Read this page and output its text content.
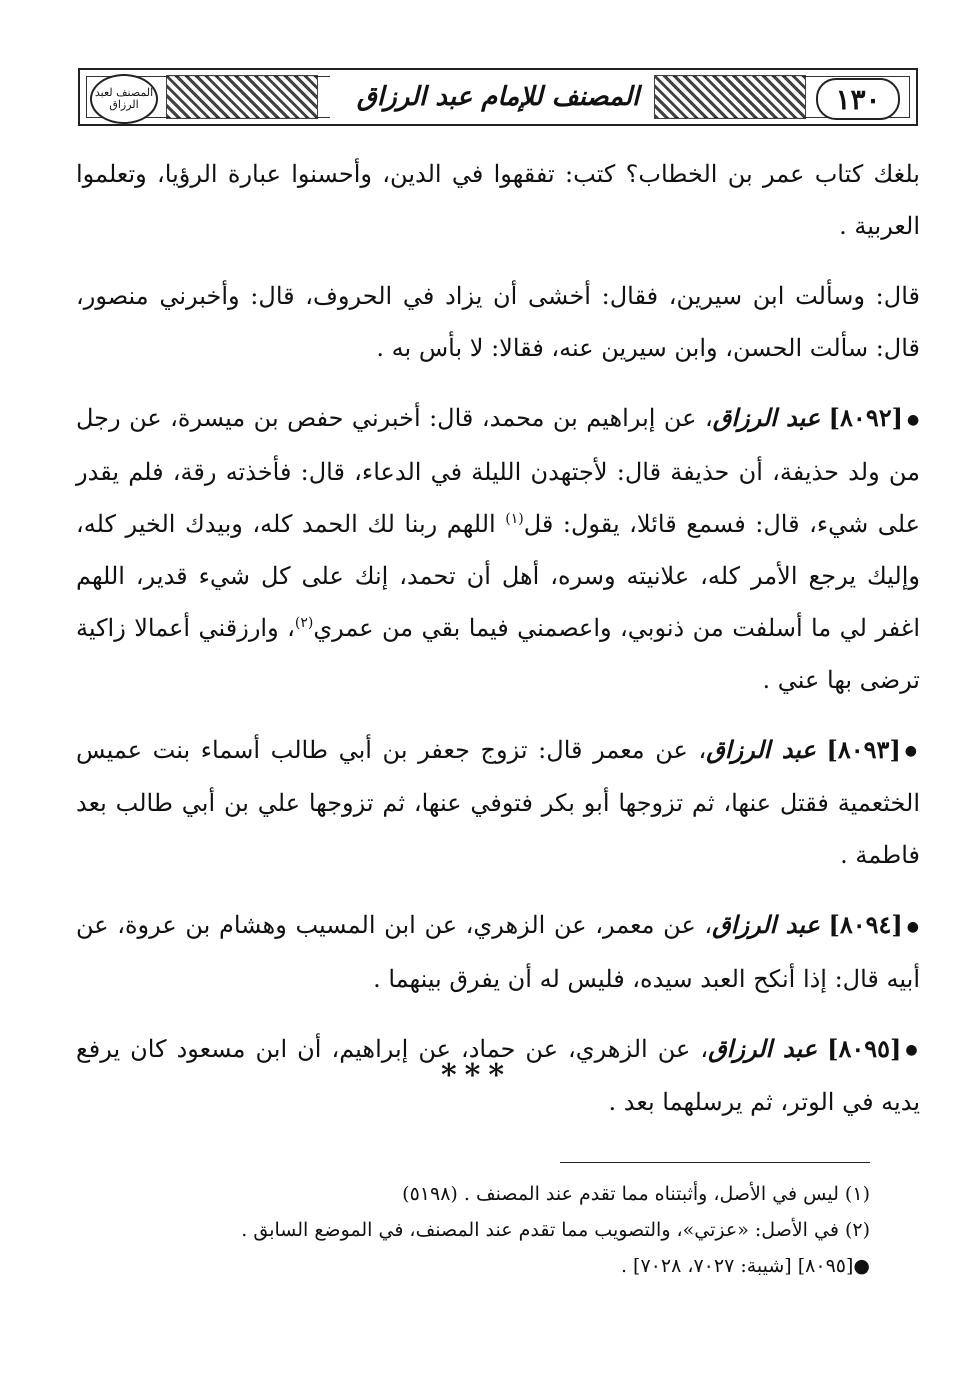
المصنف لعبد الرزاق	المصنف للإمام عبد الرزاق	١٣٠

بلغك كتاب عمر بن الخطاب؟ كتب: تفقهوا في الدين، وأحسنوا عبارة الرؤيا، وتعلموا العربية .

قال: وسألت ابن سيرين، فقال: أخشى أن يزاد في الحروف، قال: وأخبرني منصور، قال: سألت الحسن، وابن سيرين عنه، فقالا: لا بأس به .

●[٨٠٩٢] عبد الرزاق، عن إبراهيم بن محمد، قال: أخبرني حفص بن ميسرة، عن رجل من ولد حذيفة، أن حذيفة قال: لأجتهدن الليلة في الدعاء، قال: فأخذته رقة، فلم يقدر على شيء، قال: فسمع قائلا، يقول: قل$^{(١)}$ اللهم ربنا لك الحمد كله، وبيدك الخير كله، وإليك يرجع الأمر كله، علانيته وسره، أهل أن تحمد، إنك على كل شيء قدير، اللهم اغفر لي ما أسلفت من ذنوبي، واعصمني فيما بقي من عمري$^{(٢)}$، وارزقني أعمالا زاكية ترضى بها عني .

●[٨٠٩٣] عبد الرزاق، عن معمر قال: تزوج جعفر بن أبي طالب أسماء بنت عميس الخثعمية فقتل عنها، ثم تزوجها أبو بكر فتوفي عنها، ثم تزوجها علي بن أبي طالب بعد فاطمة .

●[٨٠٩٤] عبد الرزاق، عن معمر، عن الزهري، عن ابن المسيب وهشام بن عروة، عن أبيه قال: إذا أنكح العبد سيده، فليس له أن يفرق بينهما .

●[٨٠٩٥] عبد الرزاق، عن الزهري، عن حماد، عن إبراهيم، أن ابن مسعود كان يرفع يديه في الوتر، ثم يرسلهما بعد .

***

(١) ليس في الأصل، وأثبتناه مما تقدم عند المصنف . (٥١٩٨)

(٢) في الأصل: «عزتي»، والتصويب مما تقدم عند المصنف، في الموضع السابق .

●[٨٠٩٥] [شيبة: ٧٠٢٧، ٧٠٢٨] .
